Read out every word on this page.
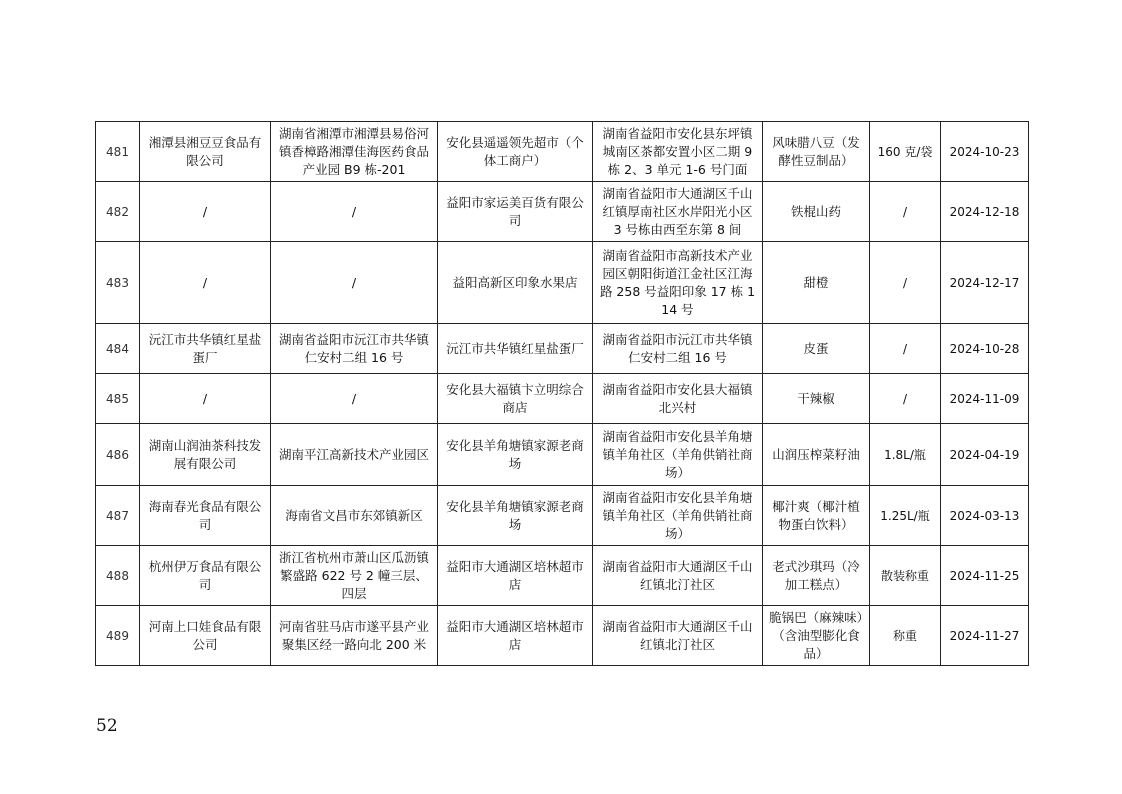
481	湘潭县湘豆豆食品有限公司	湖南省湘潭市湘潭县易俗河镇香樟路湘潭佳海医药食品产业园 B9 栋-201	安化县遥遥领先超市（个体工商户）	湖南省益阳市安化县东坪镇城南区茶都安置小区二期 9 栋 2、3 单元 1-6 号门面	风味腊八豆（发酵性豆制品）	160 克/袋	2024-10-23
482	/	/	益阳市家运美百货有限公司	湖南省益阳市大通湖区千山红镇厚南社区水岸阳光小区 3 号栋由西至东第 8 间	铁棍山药	/	2024-12-18
483	/	/	益阳高新区印象水果店	湖南省益阳市高新技术产业园区朝阳街道江金社区江海路 258 号益阳印象 17 栋 114 号	甜橙	/	2024-12-17
484	沅江市共华镇红星盐蛋厂	湖南省益阳市沅江市共华镇仁安村二组 16 号	沅江市共华镇红星盐蛋厂	湖南省益阳市沅江市共华镇仁安村二组 16 号	皮蛋	/	2024-10-28
485	/	/	安化县大福镇卞立明综合商店	湖南省益阳市安化县大福镇北兴村	干辣椒	/	2024-11-09
486	湖南山润油茶科技发展有限公司	湖南平江高新技术产业园区	安化县羊角塘镇家源老商场	湖南省益阳市安化县羊角塘镇羊角社区（羊角供销社商场）	山润压榨菜籽油	1.8L/瓶	2024-04-19
487	海南春光食品有限公司	海南省文昌市东郊镇新区	安化县羊角塘镇家源老商场	湖南省益阳市安化县羊角塘镇羊角社区（羊角供销社商场）	椰汁爽（椰汁植物蛋白饮料）	1.25L/瓶	2024-03-13
488	杭州伊万食品有限公司	浙江省杭州市萧山区瓜沥镇繁盛路 622 号 2 幢三层、四层	益阳市大通湖区培林超市店	湖南省益阳市大通湖区千山红镇北汀社区	老式沙琪玛（冷加工糕点）	散装称重	2024-11-25
489	河南上口娃食品有限公司	河南省驻马店市遂平县产业聚集区经一路向北 200 米	益阳市大通湖区培林超市店	湖南省益阳市大通湖区千山红镇北汀社区	脆锅巴（麻辣味）（含油型膨化食品）	称重	2024-11-27
52
